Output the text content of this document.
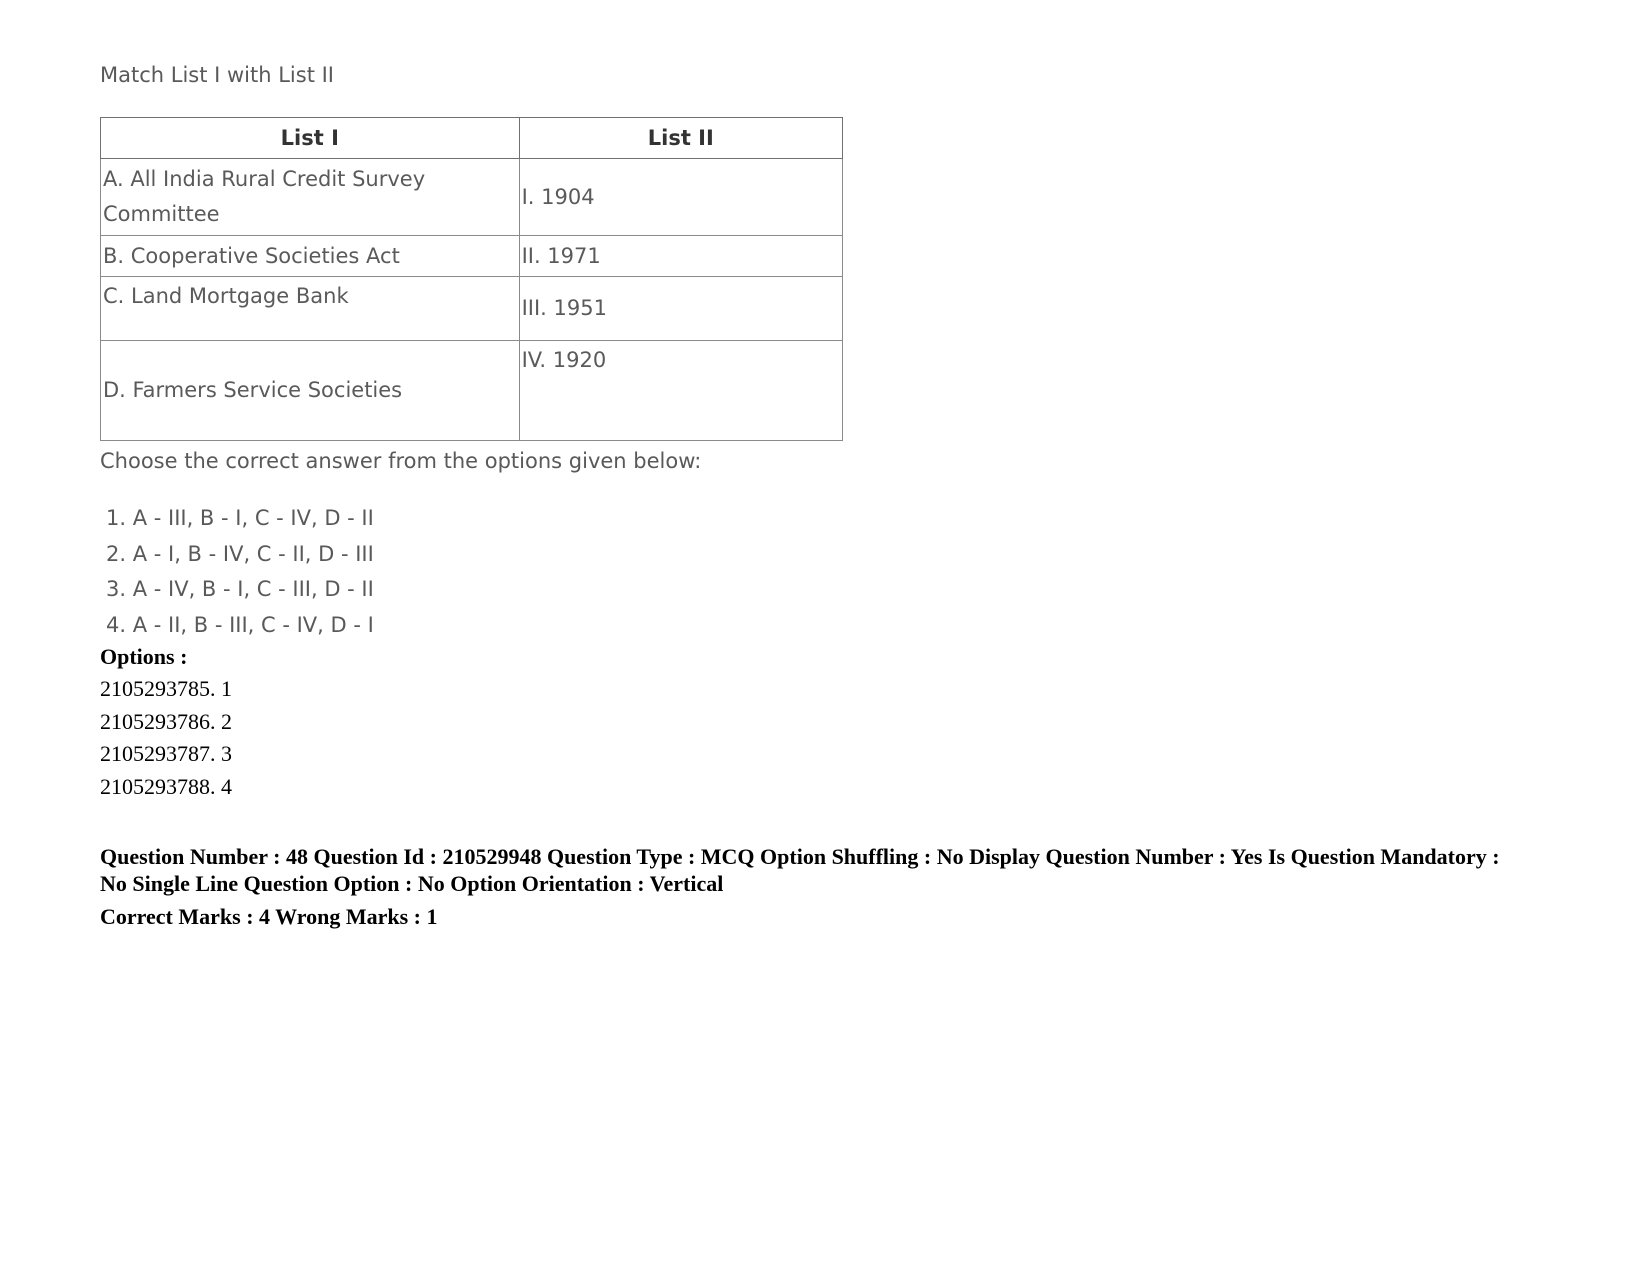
Match List I with List II
List I	List II
A. All India Rural Credit Survey Committee	I. 1904
B. Cooperative Societies Act	II. 1971
C. Land Mortgage Bank	III. 1951
D. Farmers Service Societies	IV. 1920
Choose the correct answer from the options given below:
1. A - III, B - I, C - IV, D - II
2. A - I, B - IV, C - II, D - III
3. A - IV, B - I, C - III, D - II
4. A - II, B - III, C - IV, D - I
Options :
2105293785. 1
2105293786. 2
2105293787. 3
2105293788. 4
Question Number : 48 Question Id : 210529948 Question Type : MCQ Option Shuffling : No Display Question Number : Yes Is Question Mandatory : No Single Line Question Option : No Option Orientation : Vertical
Correct Marks : 4 Wrong Marks : 1
